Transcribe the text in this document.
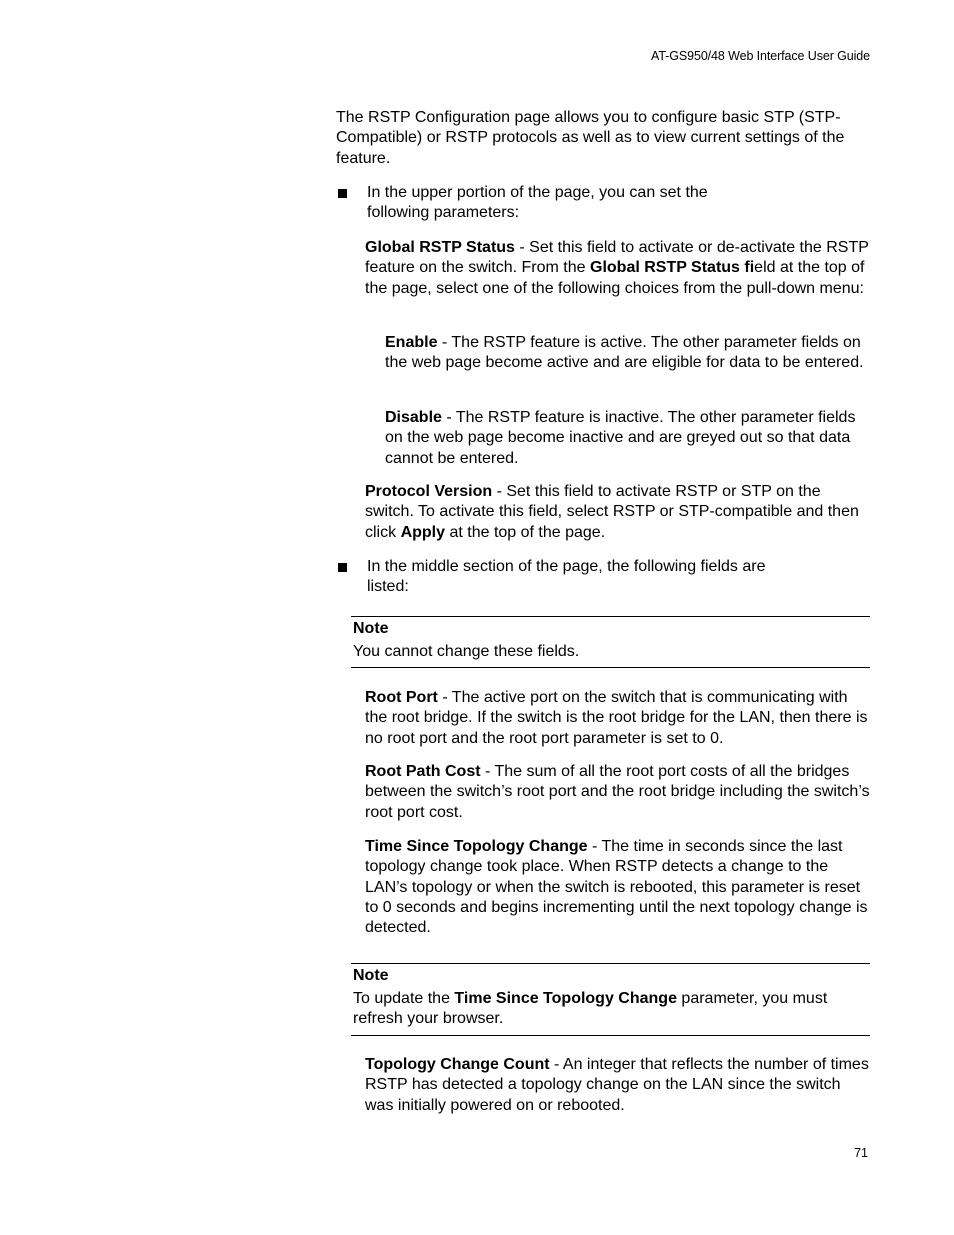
AT-GS950/48 Web Interface User Guide

The RSTP Configuration page allows you to configure basic STP (STP-Compatible) or RSTP protocols as well as to view current settings of the feature.

In the upper portion of the page, you can set the following parameters:

Global RSTP Status - Set this field to activate or de-activate the RSTP feature on the switch. From the Global RSTP Status field at the top of the page, select one of the following choices from the pull-down menu:

Enable - The RSTP feature is active. The other parameter fields on the web page become active and are eligible for data to be entered.

Disable - The RSTP feature is inactive. The other parameter fields on the web page become inactive and are greyed out so that data cannot be entered.

Protocol Version - Set this field to activate RSTP or STP on the switch. To activate this field, select RSTP or STP-compatible and then click Apply at the top of the page.

In the middle section of the page, the following fields are listed:

Note
You cannot change these fields.

Root Port - The active port on the switch that is communicating with the root bridge. If the switch is the root bridge for the LAN, then there is no root port and the root port parameter is set to 0.

Root Path Cost - The sum of all the root port costs of all the bridges between the switch’s root port and the root bridge including the switch’s root port cost.

Time Since Topology Change - The time in seconds since the last topology change took place. When RSTP detects a change to the LAN’s topology or when the switch is rebooted, this parameter is reset to 0 seconds and begins incrementing until the next topology change is detected.

Note
To update the Time Since Topology Change parameter, you must refresh your browser.

Topology Change Count - An integer that reflects the number of times RSTP has detected a topology change on the LAN since the switch was initially powered on or rebooted.

71
